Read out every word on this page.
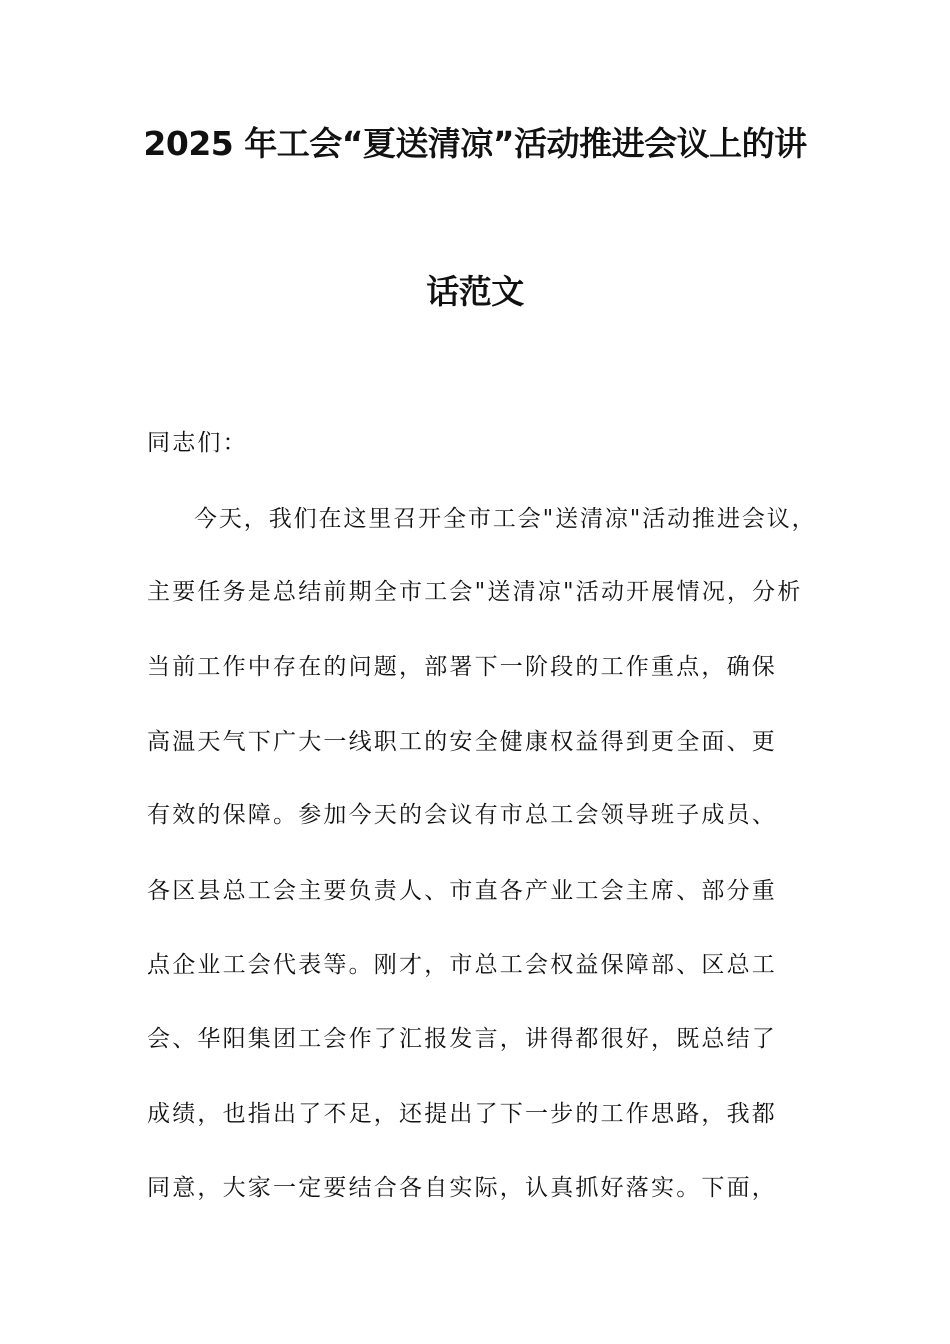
2025 年工会“夏送清凉”活动推进会议上的讲
话范文
同志们：
今天，我们在这里召开全市工会"送清凉"活动推进会议，
主要任务是总结前期全市工会"送清凉"活动开展情况，分析
当前工作中存在的问题，部署下一阶段的工作重点，确保
高温天气下广大一线职工的安全健康权益得到更全面、更
有效的保障。参加今天的会议有市总工会领导班子成员、
各区县总工会主要负责人、市直各产业工会主席、部分重
点企业工会代表等。刚才，市总工会权益保障部、区总工
会、华阳集团工会作了汇报发言，讲得都很好，既总结了
成绩，也指出了不足，还提出了下一步的工作思路，我都
同意，大家一定要结合各自实际，认真抓好落实。下面，
